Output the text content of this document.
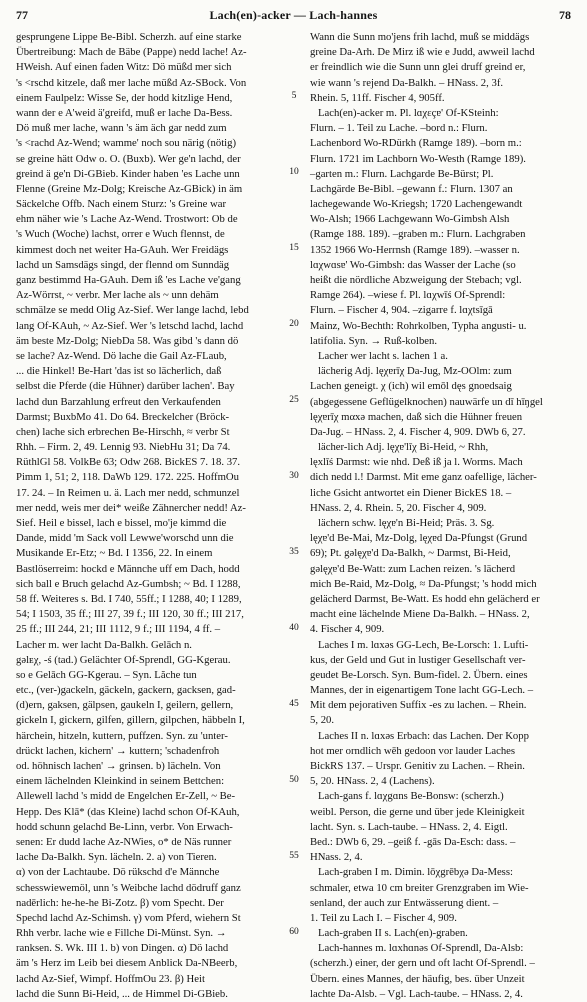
77	Lach(en)-acker — Lach-hannes	78
gesprungene Lippe Be-Bibl. Scherzh. auf eine starke
Übertreibung: Mach de Bäbe (Pappe) nedd lache! Az-
HWeish. Auf einen faden Witz: Dö müßd mer sich
's ˂rschd kitzele, daß mer lache müßd Az-SBock. Von
einem Faulpelz: Wisse Se, der hodd kitzlige Hend,
wann der e A'weid ä'greifd, muß er lache Da-Bess.
Dö muß mer lache, wann 's äm äch gar nedd zum
's ˂rachd Az-Wend; wamme' noch sou närig (nötig)
se greine hätt Odw o. O. (Buxb). Wer ge'n lachd, der
greind ä ge'n Di-GBieb. Kinder haben 'es Lache unn
Flenne (Greine Mz-Dolg; Kreische Az-GBick) in äm
Säckelche Offb. Nach einem Sturz: 's Greine war
ehm näher wie 's Lache Az-Wend. Trostwort: Ob de
's Wuch (Woche) lachst, orrer e Wuch flennst, de
kimmest doch net weiter Ha-GAuh. Wer Freidägs
lachd un Samsdägs singd, der flennd om Sunndäg
ganz bestimmd Ha-GAuh. Dem iß 'es Lache ve'gang
Az-Wörrst, ~ verbr. Mer lache als ~ unn dehäm
schmälze se medd Olig Az-Sief. Wer lange lachd, lebd
lang Of-KAuh, ~ Az-Sief. Wer 's letschd lachd, lachd
äm beste Mz-Dolg; NiebDa 58. Was gibd 's dann dö
se lache? Az-Wend. Dö lache die Gail Az-FLaub,
... die Hinkel! Be-Hart 'das ist so lächerlich, daß
selbst die Pferde (die Hühner) darüber lachen'. Bay
lachd dun Barzahlung erfreut den Verkaufenden
Darmst; BuxbMo 41. Do 64. Breckelcher (Bröck-
chen) lache sich erbrechen Be-Hirschh, ≈ verbr St
Rhh. – Firm. 2, 49. Lennig 93. NiebHu 31; Da 74.
RüthlGl 58. VolkBe 63; Odw 268. BickES 7. 18. 37.
Pimm 1, 51; 2, 118. DaWb 129. 172. 225. HoffmOu
17. 24. – In Reimen u. ä. Lach mer nedd, schmunzel
mer nedd, weis mer dei* weiße Zähnercher nedd! Az-
Sief. Heil e bissel, lach e bissel, mo'je kimmd die
Dande, midd 'm Sack voll Lewwe'worschd unn die
Musikande Er-Etz; ~ Bd. I 1356, 22. In einem
Bastlöserreim: hockd e Männche uff em Dach, hodd
sich ball e Bruch gelachd Az-Gumbsh; ~ Bd. I 1288,
58 ff. Weiteres s. Bd. I 740, 55ff.; I 1288, 40; I 1289,
54; I 1503, 35 ff.; III 27, 39 f.; III 120, 30 ff.; III 217,
25 ff.; III 244, 21; III 1112, 9 f.; III 1194, 4 ff. –
Lacher m. wer lacht Da-Balkh. Gelāch n.
gəlᴇχ, -ś (tad.) Gelächter Of-Sprendl, GG-Kgerau.
so e Gelāch GG-Kgerau. – Syn. Lăche tun
etc., (ver-)gackeln, gäckeln, gackern, gacksen, gad-
(d)ern, gaksen, gälpsen, gaukeln I, geilern, gellern,
gickeln I, gickern, gilfen, gillern, gilpchen, häbbeln I,
härchein, hitzeln, kuttern, puffzen. Syn. zu 'unter-
drückt lachen, kichern' → kuttern; 'schadenfroh
od. höhnisch lachen' → grinsen. b) lächeln. Von
einem lächelnden Kleinkind in seinem Bettchen:
Allewell lachd 's midd de Engelchen Er-Zell, ~ Be-
Hepp. Des Klā* (das Kleine) lachd schon Of-KAuh,
hodd schunn gelachd Be-Linn, verbr. Von Erwach-
senen: Er dudd lache Az-NWies, o* de Näs runner
lache Da-Balkh. Syn. lächeln. 2. a) von Tieren.
α) von der Lachtaube. Dö rükschd d'e Männche
schesswiewemöl, unn 's Weibche lachd dödruff ganz
nadērlich: he-he-he Bi-Zotz. β) vom Specht. Der
Spechd lachd Az-Schimsh. γ) vom Pferd, wiehern St
Rhh verbr. lache wie e Fillche Di-Münst. Syn. →
ranksen. S. Wk. III 1. b) von Dingen. α) Dö lachd
äm 's Herz im Leib bei diesem Anblick Da-NBeerb,
lachd Az-Sief, Wimpf. HoffmOu 23. β) Heit
lachd die Sunn Bi-Heid, ... de Himmel Di-GBieb.
5
10
15
20
25
30
35
40
45
50
55
60
Wann die Sunn mo'jens frih lachd, muß se middägs
greine Da-Arh. De Mirz iß wie e Judd, awweil lachd
er freindlich wie die Sunn unn glei druff greind er,
wie wann 's rejend Da-Balkh. – HNass. 2, 3f.
Rhein. 5, 11ff. Fischer 4, 905ff.
Lach(en)-acker m. Pl. lɑχɛçɐ' Of-KSteinh:
Flurn. – 1. Teil zu Lache. –bord n.: Flurn.
Lachenbord Wo-RDürkh (Ramge 189). –born m.:
Flurn. 1721 im Lachborn Wo-Westh (Ramge 189).
–garten m.: Flurn. Lachgarde Be-Bürst; Pl.
Lachgärde Be-Bibl. –gewann f.: Flurn. 1307 an
lachegewande Wo-Kriegsh; 1720 Lachengewandt
Wo-Alsh; 1966 Lachgewann Wo-Gimbsh Alsh
(Ramge 188. 189). –graben m.: Flurn. Lachgraben
1352 1966 Wo-Herrnsh (Ramge 189). –wasser n.
lɑχwɑsɐ' Wo-Gimbsh: das Wasser der Lache (so
heißt die nördliche Abzweigung der Stebach; vgl.
Ramge 264). –wiese f. Pl. lɑχwīś Of-Sprendl:
Flurn. – Fischer 4, 904. –zigarre f. lɑχtsīgā
Mainz, Wo-Bechth: Rohrkolben, Typha angusti- u.
latifolia. Syn. → Ruß-kolben.
Lacher wer lacht s. lachen 1 a.
lächerig Adj. lęχɐrīχ Da-Jug, Mz-OOlm: zum
Lachen geneigt. χ (ich) wil emōl dęs gnoɐdsaig
(abgegessene Geflügelknochen) nauwärfe un dī hīŋgel
lęχɐrīχ mαxə machen, daß sich die Hühner freuen
Da-Jug. – HNass. 2, 4. Fischer 4, 909. DWb 6, 27.
lächer-lich Adj. lęχɐ'līχ Bi-Heid, ~ Rhh,
lęxlīś Darmst: wie nhd. Deß iß ja l. Worms. Mach
dich nedd l.! Darmst. Mit eme ganz oafellige, lächer-
liche Gsicht antwortet ein Diener BickES 18. –
HNass. 2, 4. Rhein. 5, 20. Fischer 4, 909.
lächern schw. lęχɐ'n Bi-Heid; Präs. 3. Sg.
lęχɐ'd Be-Mai, Mz-Dolg, lęχɐd Da-Pfungst (Grund
69); Pt. gəlęχɐ'd Da-Balkh, ~ Darmst, Bi-Heid,
gəlęχɐ'd Be-Watt: zum Lachen reizen. 's lächerd
mich Be-Raid, Mz-Dolg, ≈ Da-Pfungst; 's hodd mich
gelächerd Darmst, Be-Watt. Es hodd ehn gelächerd er
macht eine lächelnde Miene Da-Balkh. – HNass. 2,
4. Fischer 4, 909.
Laches I m. lɑxəs GG-Lech, Be-Lorsch: 1. Lufti-
kus, der Geld und Gut in lustiger Gesellschaft ver-
geudet Be-Lorsch. Syn. Bum-fidel. 2. Übern. eines
Mannes, der in eigenartigem Tone lacht GG-Lech. –
Mit dem pejorativen Suffix -es zu lachen. – Rhein.
5, 20.
Laches II n. lɑxəs Erbach: das Lachen. Der Kopp
hot mer orndlich wēh gedoon vor lauder Laches
BickRS 137. – Urspr. Genitiv zu Lachen. – Rhein.
5, 20. HNass. 2, 4 (Lachens).
Lach-gans f. lɑχgɑns Be-Bonsw: (scherzh.)
weibl. Person, die gerne und über jede Kleinigkeit
lacht. Syn. s. Lach-taube. – HNass. 2, 4. Eigtl.
Bed.: DWb 6, 29. –geiß f. -gās Da-Esch: dass. –
HNass. 2, 4.
Lach-graben I m. Dimin. lōχgrēbχə Da-Mess:
schmaler, etwa 10 cm breiter Grenzgraben im Wie-
senland, der auch zur Entwässerung dient. –
1. Teil zu Lach I. – Fischer 4, 909.
Lach-graben II s. Lach(en)-graben.
Lach-hannes m. lɑxhɑnəs Of-Sprendl, Da-Alsb:
(scherzh.) einer, der gern und oft lacht Of-Sprendl. –
Übern. eines Mannes, der häufig, bes. über Unzeit
lachte Da-Alsb. – Vgl. Lach-taube. – HNass. 2, 4.
